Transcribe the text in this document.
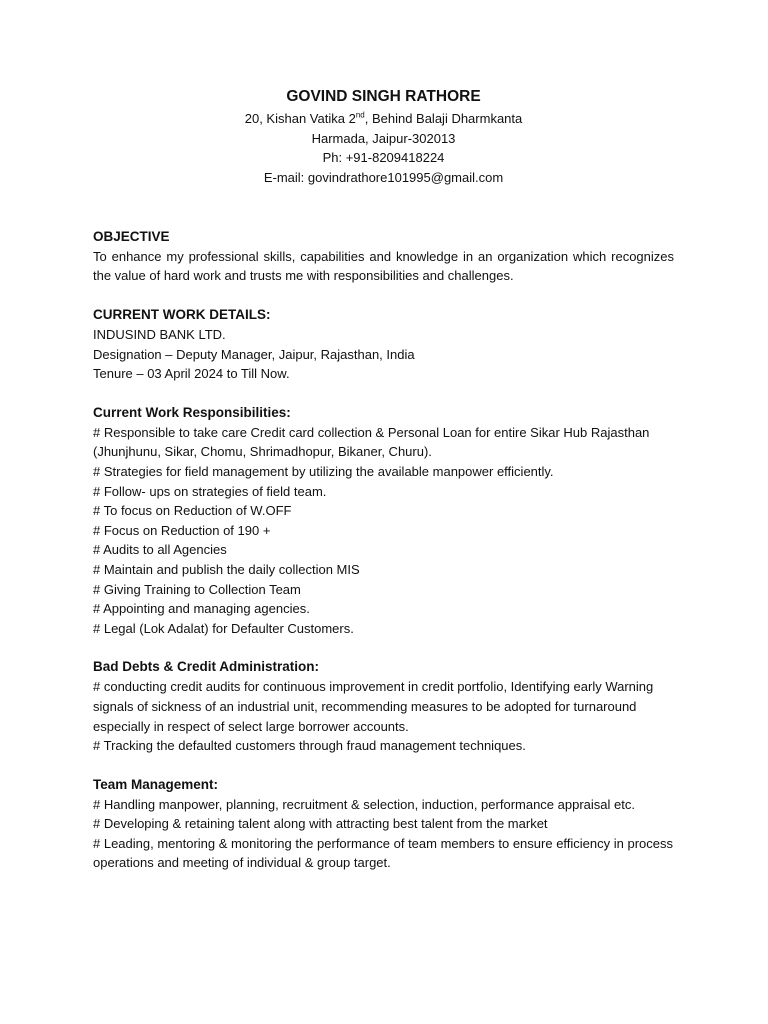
GOVIND SINGH RATHORE
20, Kishan Vatika 2nd, Behind Balaji Dharmkanta
Harmada, Jaipur-302013
Ph: +91-8209418224
E-mail: govindrathore101995@gmail.com
OBJECTIVE

To enhance my professional skills, capabilities and knowledge in an organization which recognizes the value of hard work and trusts me with responsibilities and challenges.

CURRENT WORK DETAILS:
INDUSIND BANK LTD.
Designation – Deputy Manager, Jaipur, Rajasthan, India
Tenure – 03 April 2024 to Till Now.
Current Work Responsibilities:
# Responsible to take care Credit card collection & Personal Loan for entire Sikar Hub Rajasthan (Jhunjhunu, Sikar, Chomu, Shrimadhopur, Bikaner, Churu).
# Strategies for field management by utilizing the available manpower efficiently.
# Follow- ups on strategies of field team.
# To focus on Reduction of W.OFF
# Focus on Reduction of 190 +
# Audits to all Agencies
# Maintain and publish the daily collection MIS
# Giving Training to Collection Team
# Appointing and managing agencies.
# Legal (Lok Adalat) for Defaulter Customers.
Bad Debts & Credit Administration:
# conducting credit audits for continuous improvement in credit portfolio, Identifying early Warning signals of sickness of an industrial unit, recommending measures to be adopted for turnaround especially in respect of select large borrower accounts.
# Tracking the defaulted customers through fraud management techniques.
Team Management:
# Handling manpower, planning, recruitment & selection, induction, performance appraisal etc.
# Developing & retaining talent along with attracting best talent from the market
# Leading, mentoring & monitoring the performance of team members to ensure efficiency in process operations and meeting of individual & group target.
